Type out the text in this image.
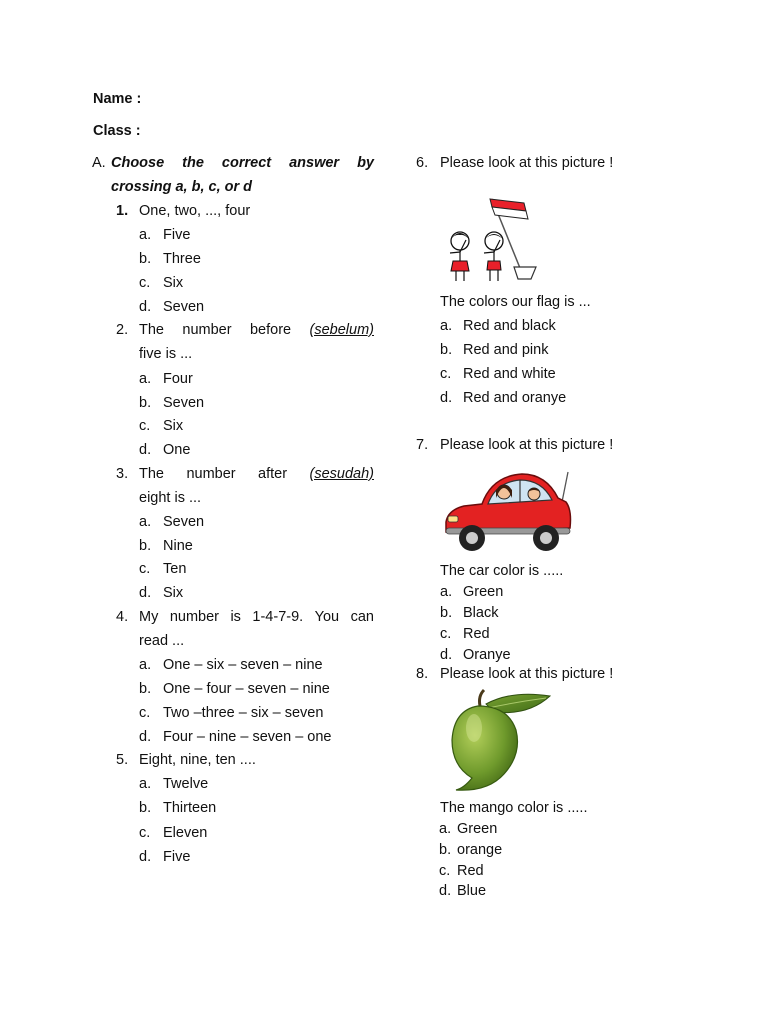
Name :
Class :
A. Choose the correct answer by
crossing a, b, c, or d
1. One, two, ..., four
a. Five
b. Three
c. Six
d. Seven
2. The number before (sebelum)
five is ...
a. Four
b. Seven
c. Six
d. One
3. The number after (sesudah)
eight is ...
a. Seven
b. Nine
c. Ten
d. Six
4. My number is 1-4-7-9. You can
read ...
a. One – six – seven – nine
b. One – four – seven – nine
c. Two –three – six – seven
d. Four – nine – seven – one
5. Eight, nine, ten ....
a. Twelve
b. Thirteen
c. Eleven
d. Five
6. Please look at this picture !
The colors our flag is ...
a. Red and black
b. Red and pink
c. Red and white
d. Red and oranye
7. Please look at this picture !
The car color is .....
a. Green
b. Black
c. Red
d. Oranye
8. Please look at this picture !
The mango color is .....
a. Green
b. orange
c. Red
d. Blue
